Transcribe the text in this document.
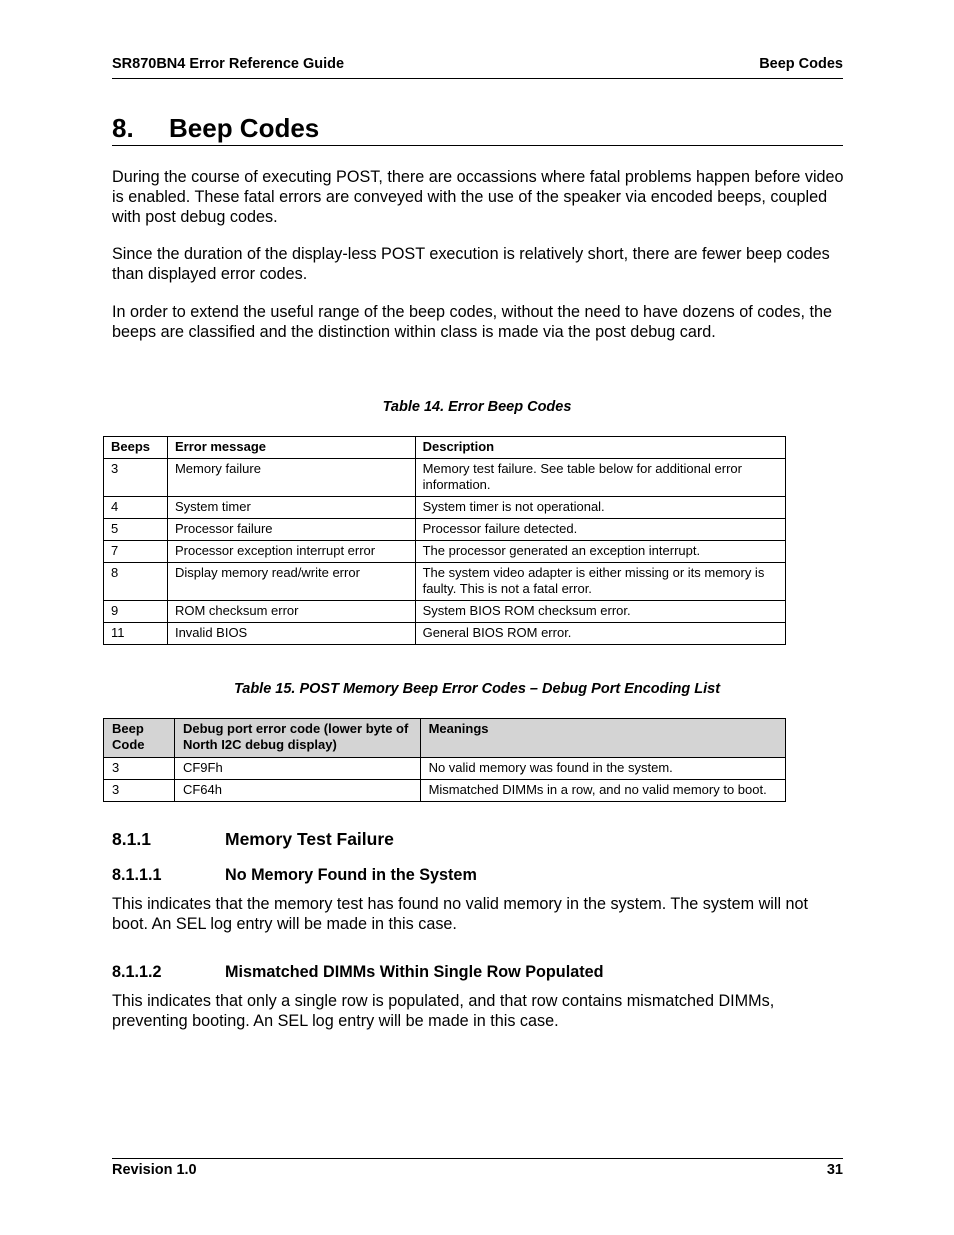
SR870BN4 Error Reference Guide	Beep Codes
8. Beep Codes

During the course of executing POST, there are occassions where fatal problems happen before video is enabled. These fatal errors are conveyed with the use of the speaker via encoded beeps, coupled with post debug codes.

Since the duration of the display-less POST execution is relatively short, there are fewer beep codes than displayed error codes.

In order to extend the useful range of the beep codes, without the need to have dozens of codes, the beeps are classified and the distinction within class is made via the post debug card.

Table 14. Error Beep Codes
Beeps	Error message	Description
3	Memory failure	Memory test failure. See table below for additional error information.
4	System timer	System timer is not operational.
5	Processor failure	Processor failure detected.
7	Processor exception interrupt error	The processor generated an exception interrupt.
8	Display memory read/write error	The system video adapter is either missing or its memory is faulty. This is not a fatal error.
9	ROM checksum error	System BIOS ROM checksum error.
11	Invalid BIOS	General BIOS ROM error.
Table 15. POST Memory Beep Error Codes – Debug Port Encoding List
Beep Code	Debug port error code (lower byte of North I2C debug display)	Meanings
3	CF9Fh	No valid memory was found in the system.
3	CF64h	Mismatched DIMMs in a row, and no valid memory to boot.
8.1.1	Memory Test Failure
8.1.1.1	No Memory Found in the System

This indicates that the memory test has found no valid memory in the system. The system will not boot. An SEL log entry will be made in this case.

8.1.1.2	Mismatched DIMMs Within Single Row Populated

This indicates that only a single row is populated, and that row contains mismatched DIMMs, preventing booting. An SEL log entry will be made in this case.

Revision 1.0	31
